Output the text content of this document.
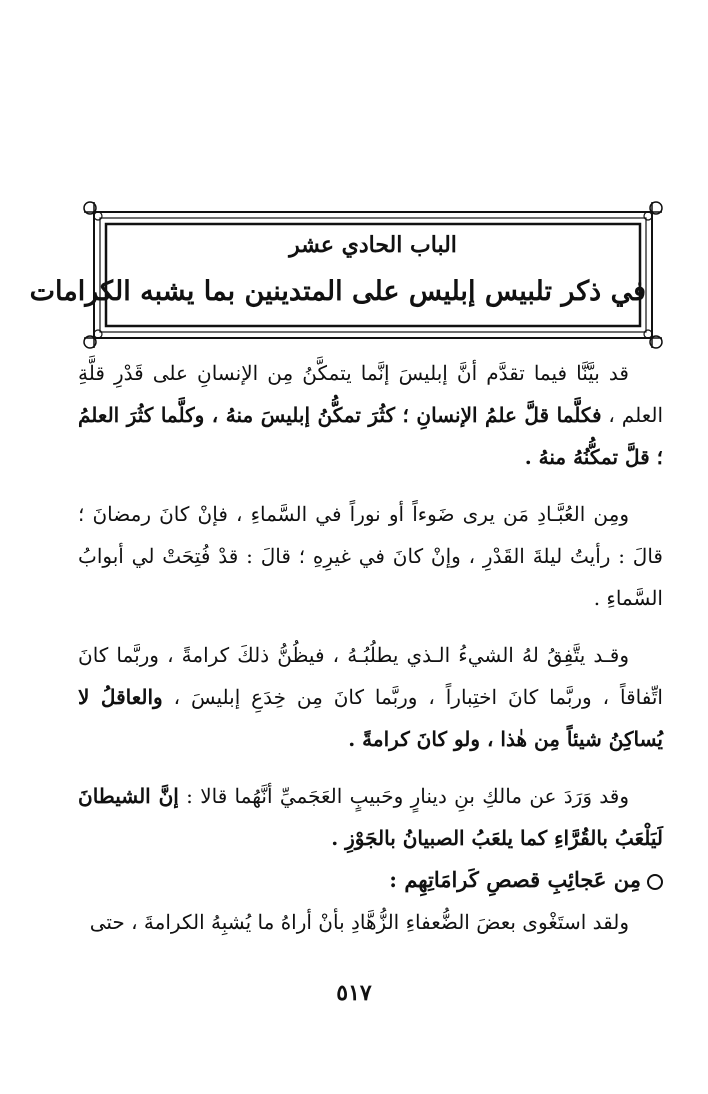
الباب الحادي عشر
في ذكر تلبيس إبليس على المتدينين بما يشبه الكرامات

قد بيَّنَّا فيما تقدَّم أنَّ إبليسَ إنَّما يتمكَّنُ مِن الإنسانِ على قَدْرِ قلَّةِ العلم ، فكلَّما قلَّ علمُ الإنسانِ ؛ كثُرَ تمكُّنُ إبليسَ منهُ ، وكلَّما كثُرَ العلمُ ؛ قلَّ تمكُّنُهُ منهُ .

ومِن العُبَّـادِ مَن يرى ضَوءاً أو نوراً في السَّماءِ ، فإنْ كانَ رمضانَ ؛ قالَ : رأيتُ ليلةَ القَدْرِ ، وإنْ كانَ في غيرِهِ ؛ قالَ : قدْ فُتِحَتْ لي أبوابُ السَّماءِ .

وقـد يتَّفِقُ لهُ الشيءُ الـذي يطلُبُـهُ ، فيظُنُّ ذلكَ كرامةً ، وربَّما كانَ اتِّفاقاً ، وربَّما كانَ اختِباراً ، وربَّما كانَ مِن خِدَعِ إبليسَ ، والعاقلُ لا يُساكِنُ شيئاً مِن هٰذا ، ولو كانَ كرامةً .

وقد وَرَدَ عن مالكِ بنِ دينارٍ وحَبيبٍ العَجَميِّ أنَّهُما قالا : إنَّ الشيطانَ لَيَلْعَبُ بالقُرَّاءِ كما يلعَبُ الصبيانُ بالجَوْزِ .

مِن عَجائِبِ قصصِ كَرامَاتِهِم :

ولقد استَغْوى بعضَ الضُّعفاءِ الزُّهَّادِ بأنْ أراهُ ما يُشبِهُ الكرامةَ ، حتى

٥١٧
